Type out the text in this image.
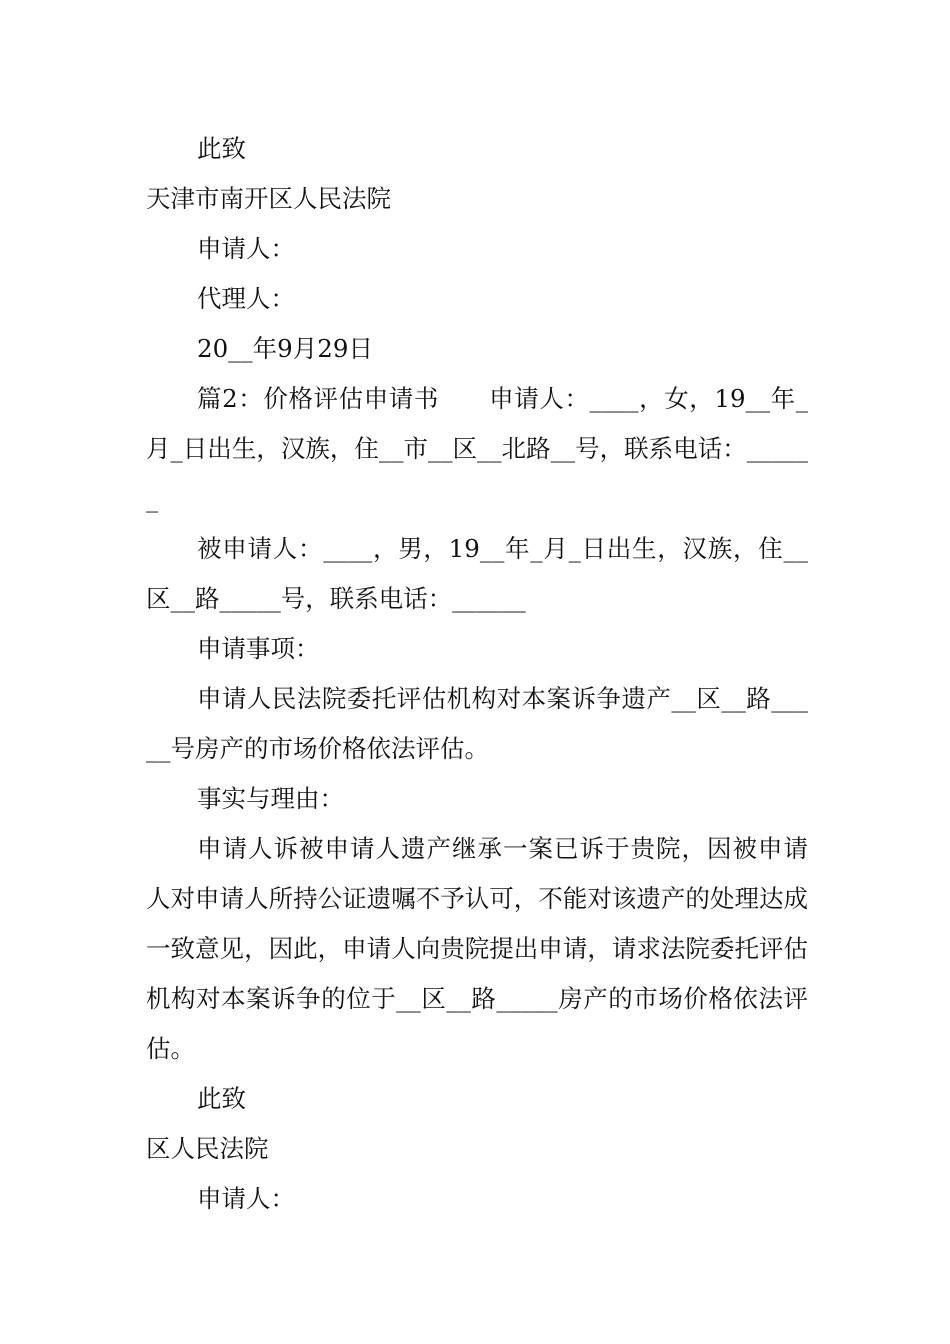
此致
天津市南开区人民法院
申请人：
代理人：
20__年9月29日
篇2：价格评估申请书　　申请人：____，女，19__年_月_日出生，汉族，住__市__区__北路__号，联系电话：______
被申请人：____，男，19__年_月_日出生，汉族，住__区__路_____号，联系电话：______
申请事项：
申请人民法院委托评估机构对本案诉争遗产__区__路_____号房产的市场价格依法评估。
事实与理由：
申请人诉被申请人遗产继承一案已诉于贵院，因被申请人对申请人所持公证遗嘱不予认可，不能对该遗产的处理达成一致意见，因此，申请人向贵院提出申请，请求法院委托评估机构对本案诉争的位于__区__路_____房产的市场价格依法评估。
此致
区人民法院
申请人：
